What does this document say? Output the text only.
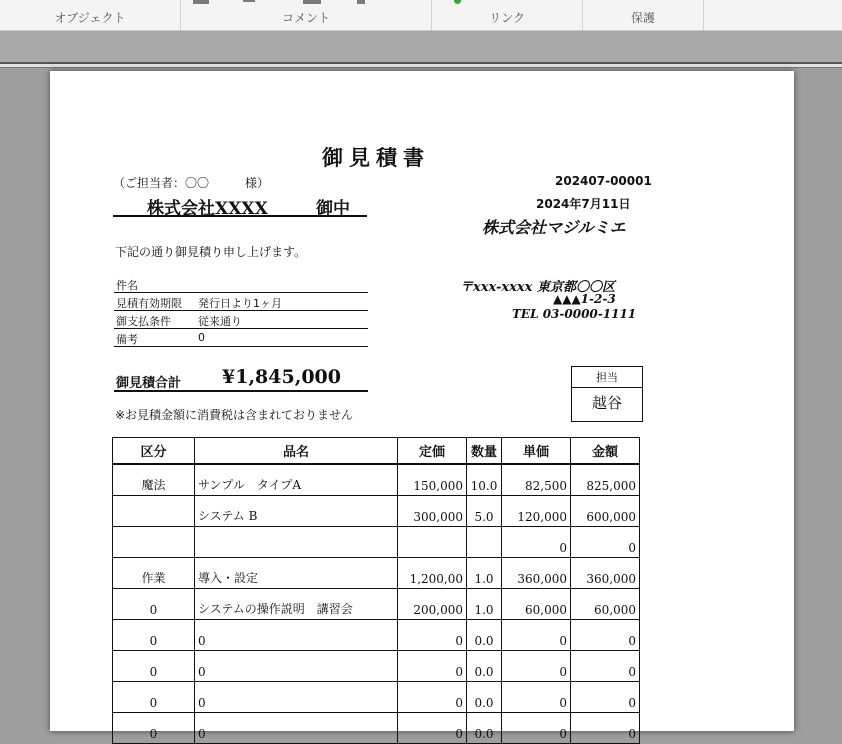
オブジェクト	コメント	リンク	保護
御見積書
（ご担当者：〇〇　　　様）
株式会社XXXX	御中

202407-00001
2024年7月11日
株式会社マジルミエ
下記の通り御見積り申し上げます。
件名
見積有効期限 発行日より1ヶ月
御支払条件 従来通り
備考	0
〒xxx-xxxx 東京都〇〇区
▲▲▲1-2-3
TEL 03-0000-1111
御見積合計 ¥1,845,000
※お見積金額に消費税は含まれておりません
担当
越谷
区分	品名	定価	数量	単価	金額
魔法	サンプル　タイプA	150,000	10.0	82,500	825,000
	システム B	300,000	5.0	120,000	600,000
				0	0
作業	導入・設定	1,200,00	1.0	360,000	360,000
0	システムの操作説明　講習会	200,000	1.0	60,000	60,000
0	0	0	0.0	0	0
0	0	0	0.0	0	0
0	0	0	0.0	0	0
0	0	0	0.0	0	0
